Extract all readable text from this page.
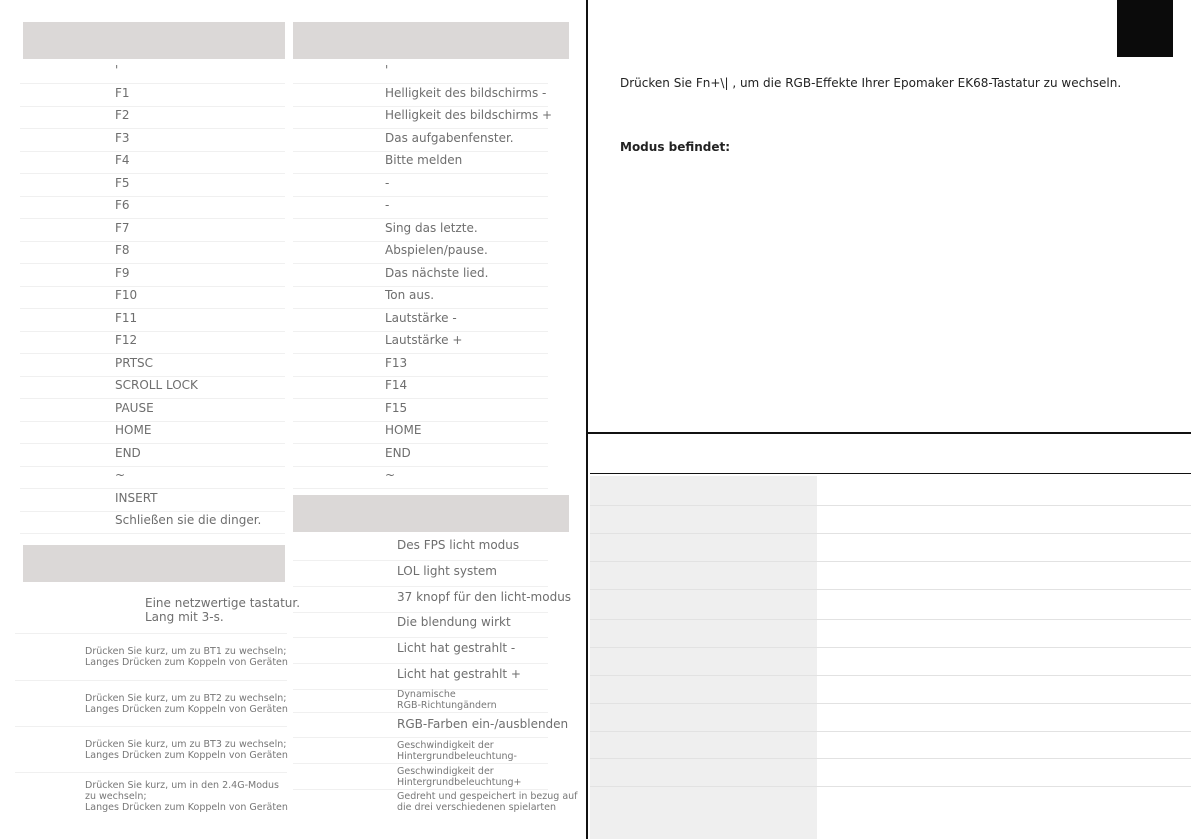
'
F1
F2
F3
F4
F5
F6
F7
F8
F9
F10
F11
F12
PRTSC
SCROLL LOCK
PAUSE
HOME
END
~
INSERT
Schließen sie die dinger.
'
Helligkeit des bildschirms -
Helligkeit des bildschirms +
Das aufgabenfenster.
Bitte melden
-
-
Sing das letzte.
Abspielen/pause.
Das nächste lied.
Ton aus.
Lautstärke -
Lautstärke +
F13
F14
F15
HOME
END
~
Eine netzwertige tastatur.
Lang mit 3-s.
Drücken Sie kurz, um zu BT1 zu wechseln;
Langes Drücken zum Koppeln von Geräten
Drücken Sie kurz, um zu BT2 zu wechseln;
Langes Drücken zum Koppeln von Geräten
Drücken Sie kurz, um zu BT3 zu wechseln;
Langes Drücken zum Koppeln von Geräten
Drücken Sie kurz, um in den 2.4G-Modus
zu wechseln;
Langes Drücken zum Koppeln von Geräten
Des FPS licht modus
LOL light system
37 knopf für den licht-modus
Die blendung wirkt
Licht hat gestrahlt -
Licht hat gestrahlt +
Dynamische
RGB-Richtungändern
RGB-Farben ein-/ausblenden
Geschwindigkeit der
Hintergrundbeleuchtung-
Geschwindigkeit der
Hintergrundbeleuchtung+
Gedreht und gespeichert in bezug auf
die drei verschiedenen spielarten
Drücken Sie Fn+\| , um die RGB-Effekte Ihrer Epomaker EK68-Tastatur zu wechseln.
Modus befindet:
